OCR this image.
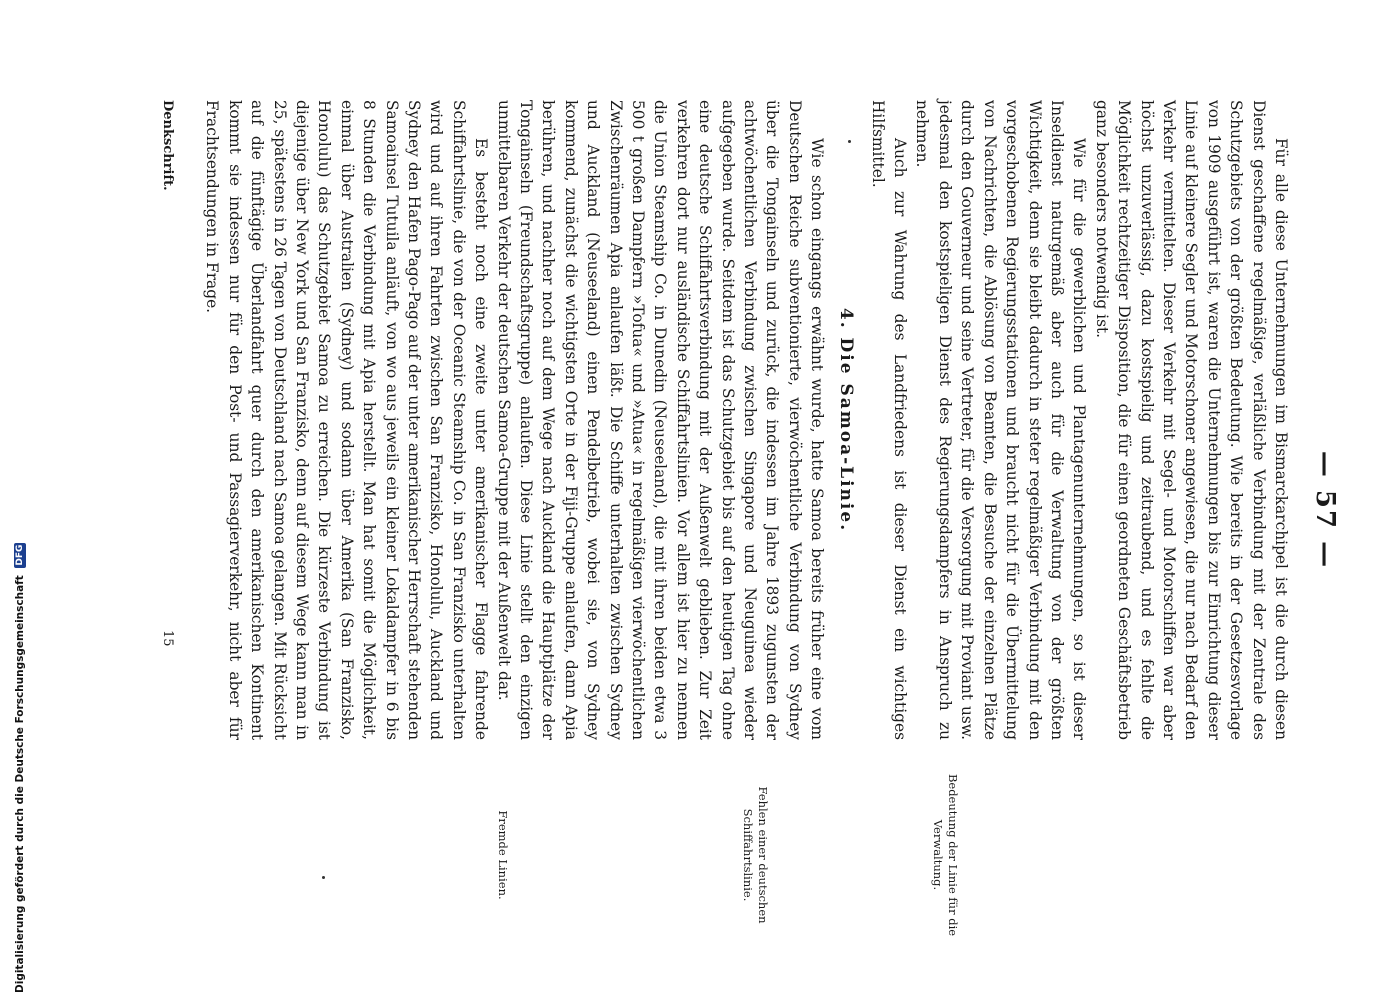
— 57 —

Für alle diese Unternehmungen im Bismarckarchipel ist die durch diesen Dienst geschaffene regelmäßige, verläßliche Verbindung mit der Zentrale des Schutzgebiets von der größten Bedeutung. Wie bereits in der Gesetzesvorlage von 1909 ausgeführt ist, waren die Unternehmungen bis zur Einrichtung dieser Linie auf kleinere Segler und Motorschoner angewiesen, die nur nach Bedarf den Verkehr vermittelten. Dieser Verkehr mit Segel- und Motorschiffen war aber höchst unzuverlässig, dazu kostspielig und zeitraubend, und es fehlte die Möglichkeit rechtzeitiger Disposition, die für einen geordneten Geschäftsbetrieb ganz besonders notwendig ist.

Wie für die gewerblichen und Plantagenunternehmungen, so ist dieser Inseldienst naturgemäß aber auch für die Verwaltung von der größten Wichtigkeit, denn sie bleibt dadurch in steter regelmäßiger Verbindung mit den vorgeschobenen Regierungsstationen und braucht nicht für die Übermittelung von Nachrichten, die Ablösung von Beamten, die Besuche der einzelnen Plätze durch den Gouverneur und seine Vertreter, für die Versorgung mit Proviant usw. jedesmal den kostspieligen Dienst des Regierungsdampfers in Anspruch zu nehmen.

Auch zur Wahrung des Landfriedens ist dieser Dienst ein wichtiges Hilfsmittel.

4. Die Samoa-Linie.

Wie schon eingangs erwähnt wurde, hatte Samoa bereits früher eine vom Deutschen Reiche subventionierte, vierwöchentliche Verbindung von Sydney über die Tongainseln und zurück, die indessen im Jahre 1893 zugunsten der achtwöchentlichen Verbindung zwischen Singapore und Neuguinea wieder aufgegeben wurde. Seitdem ist das Schutzgebiet bis auf den heutigen Tag ohne eine deutsche Schiffahrtsverbindung mit der Außenwelt geblieben. Zur Zeit verkehren dort nur ausländische Schiffahrtslinien. Vor allem ist hier zu nennen die Union Steamship Co. in Dunedin (Neuseeland), die mit ihren beiden etwa 3 500 t großen Dampfern »Tofua« und »Atua« in regelmäßigen vierwöchentlichen Zwischenräumen Apia anlaufen läßt. Die Schiffe unterhalten zwischen Sydney und Auckland (Neuseeland) einen Pendelbetrieb, wobei sie, von Sydney kommend, zunächst die wichtigsten Orte in der Fiji-Gruppe anlaufen, dann Apia berühren, und nachher noch auf dem Wege nach Auckland die Hauptplätze der Tongainseln (Freundschaftsgruppe) anlaufen. Diese Linie stellt den einzigen unmittelbaren Verkehr der deutschen Samoa-Gruppe mit der Außenwelt dar.

Es besteht noch eine zweite unter amerikanischer Flagge fahrende Schiffahrtslinie, die von der Oceanic Steamship Co. in San Franzisko unterhalten wird und auf ihren Fahrten zwischen San Franzisko, Honolulu, Auckland und Sydney den Hafen Pago-Pago auf der unter amerikanischer Herrschaft stehenden Samoainsel Tutuila anläuft, von wo aus jeweils ein kleiner Lokaldampfer in 6 bis 8 Stunden die Verbindung mit Apia herstellt. Man hat somit die Möglichkeit, einmal über Australien (Sydney) und sodann über Amerika (San Franzisko, Honolulu) das Schutzgebiet Samoa zu erreichen. Die kürzeste Verbindung ist diejenige über New York und San Franzisko, denn auf diesem Wege kann man in 25, spätestens in 26 Tagen von Deutschland nach Samoa gelangen. Mit Rücksicht auf die fünftägige Überlandfahrt quer durch den amerikanischen Kontinent kommt sie indessen nur für den Post- und Passagierverkehr, nicht aber für Frachtsendungen in Frage.

Bedeutung der Linie für die Verwaltung.
Fehlen einer deutschen Schiffahrtslinie.
Fremde Linien.
Denkschrift.
15
Digitalisierung gefördert durch die Deutsche Forschungsgemeinschaft DFG
